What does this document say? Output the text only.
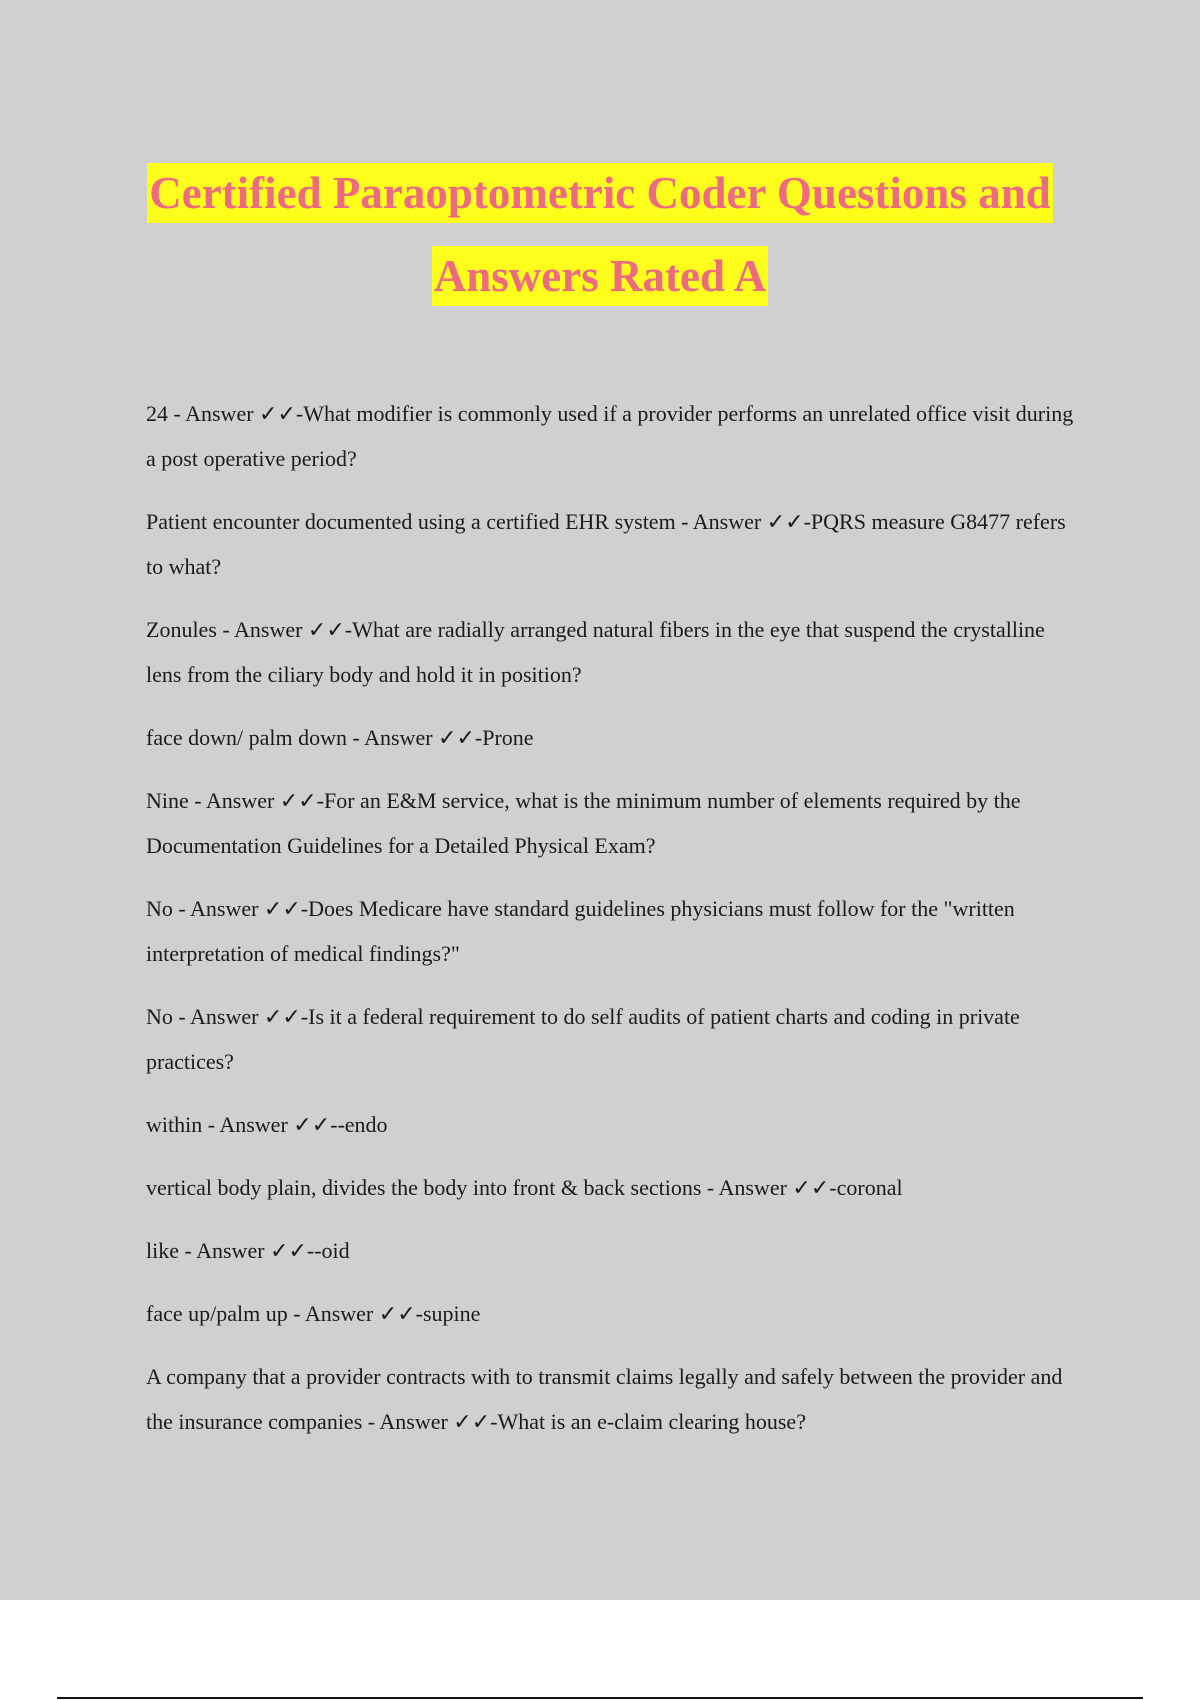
Certified Paraoptometric Coder Questions and
Answers Rated A

24 - Answer ✓✓-What modifier is commonly used if a provider performs an unrelated office visit during a post operative period?

Patient encounter documented using a certified EHR system - Answer ✓✓-PQRS measure G8477 refers to what?

Zonules - Answer ✓✓-What are radially arranged natural fibers in the eye that suspend the crystalline lens from the ciliary body and hold it in position?

face down/ palm down - Answer ✓✓-Prone

Nine - Answer ✓✓-For an E&M service, what is the minimum number of elements required by the Documentation Guidelines for a Detailed Physical Exam?

No - Answer ✓✓-Does Medicare have standard guidelines physicians must follow for the "written interpretation of medical findings?"

No - Answer ✓✓-Is it a federal requirement to do self audits of patient charts and coding in private practices?

within - Answer ✓✓--endo

vertical body plain, divides the body into front & back sections - Answer ✓✓-coronal

like - Answer ✓✓--oid

face up/palm up - Answer ✓✓-supine

A company that a provider contracts with to transmit claims legally and safely between the provider and the insurance companies - Answer ✓✓-What is an e-claim clearing house?
